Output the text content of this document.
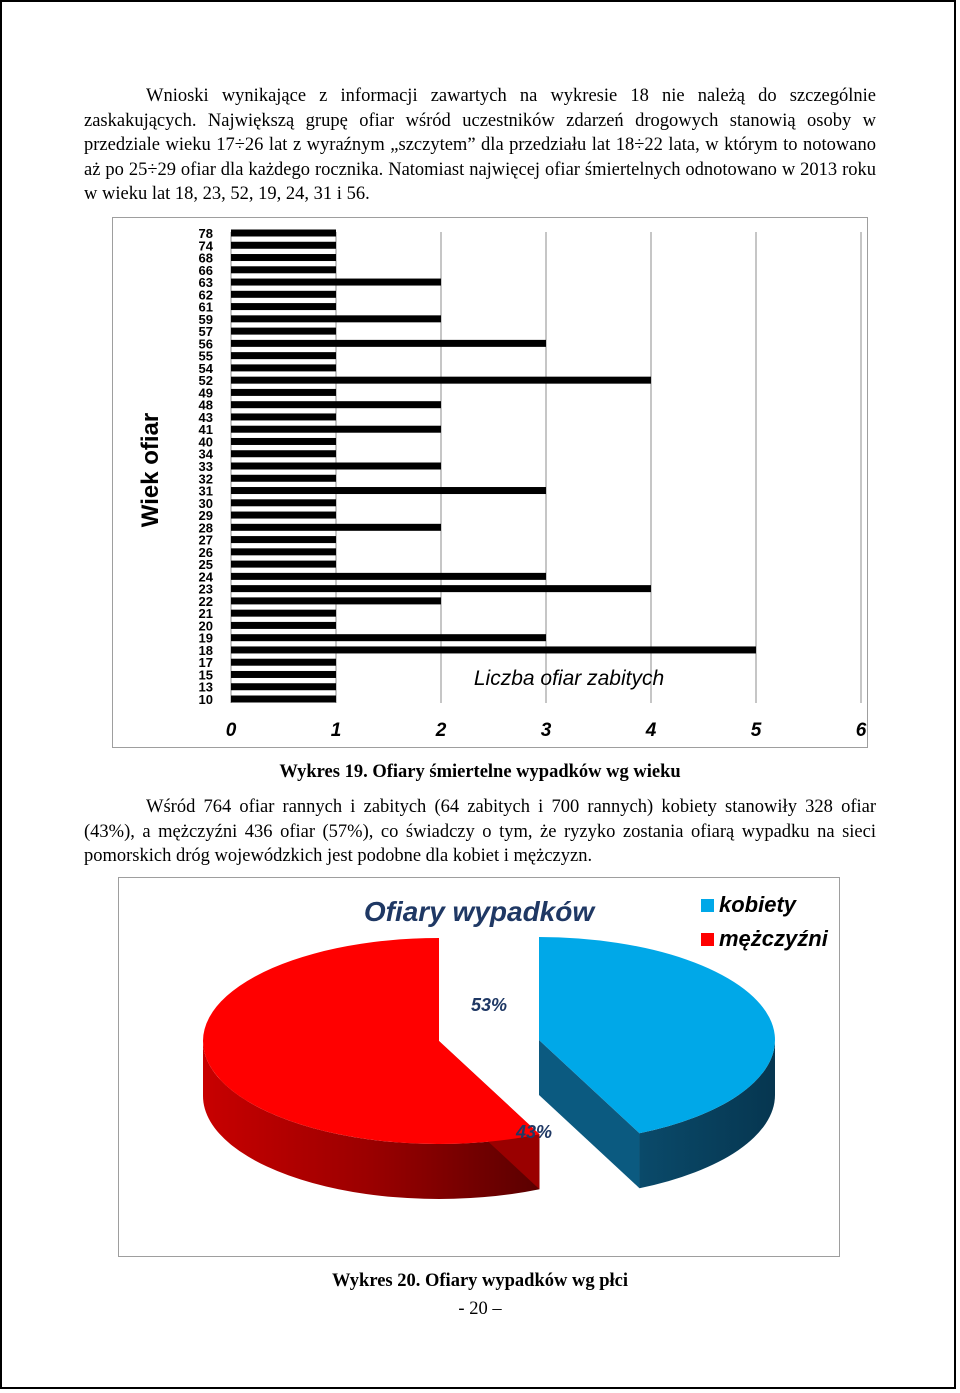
Wnioski wynikające z informacji zawartych na wykresie 18 nie należą do szczególnie zaskakujących. Największą grupę ofiar wśród uczestników zdarzeń drogowych stanowią osoby w przedziale wieku 17÷26 lat z wyraźnym „szczytem” dla przedziału lat 18÷22 lata, w którym to notowano aż po 25÷29 ofiar dla każdego rocznika. Natomiast najwięcej ofiar śmiertelnych odnotowano w 2013 roku w wieku lat 18, 23, 52, 19, 24, 31 i 56.

78
74
68
66
63
62
61
59
57
56
55
54
52
49
48
43
41
40
34
33
32
31
30
29
28
27
26
25
24
23
22
21
20
19
18
17
15
13
10
0	1	2	3	4	5	6
Wiek ofiar
Liczba ofiar zabitych
Wykres 19. Ofiary śmiertelne wypadków wg wieku

Wśród 764 ofiar rannych i zabitych (64 zabitych i 700 rannych) kobiety stanowiły 328 ofiar (43%), a mężczyźni 436 ofiar (57%), co świadczy o tym, że ryzyko zostania ofiarą wypadku na sieci pomorskich dróg wojewódzkich jest podobne dla kobiet i mężczyzn.

Ofiary wypadków	kobiety
mężczyźni
53%
43%
Wykres 20. Ofiary wypadków wg płci
- 20 –
